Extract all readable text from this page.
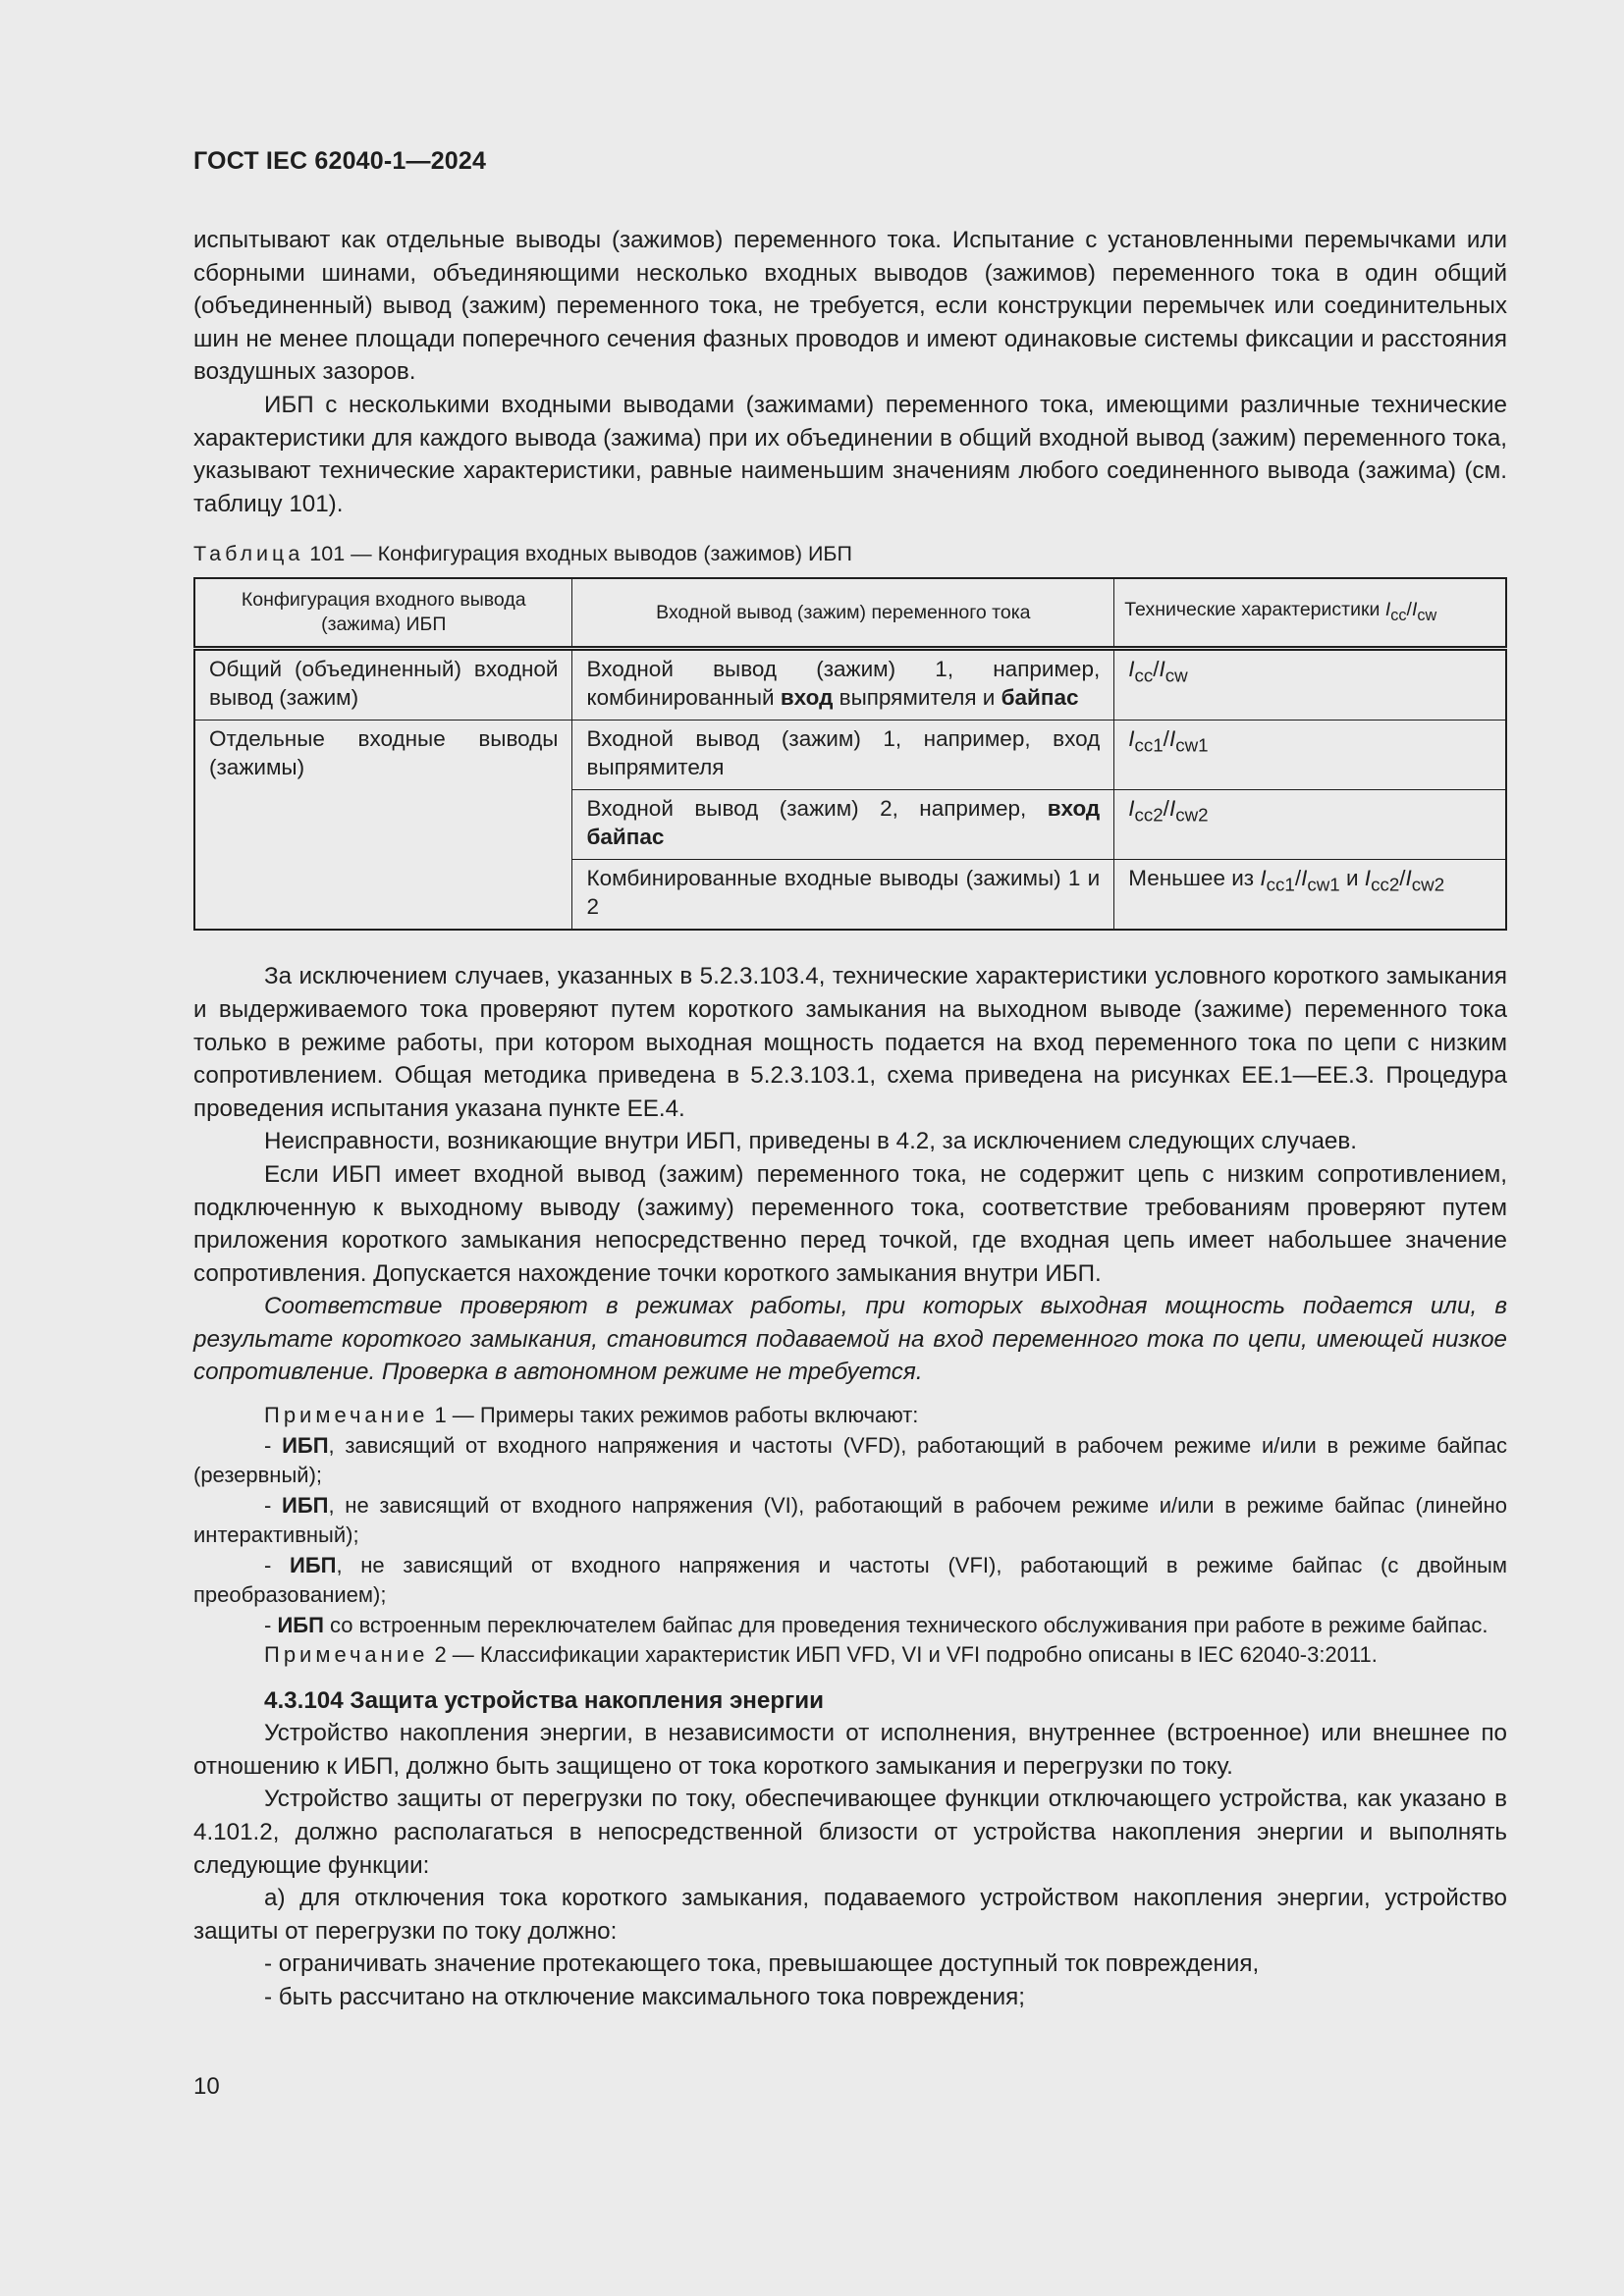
ГОСТ IEC 62040-1—2024

испытывают как отдельные выводы (зажимов) переменного тока. Испытание с установленными перемычками или сборными шинами, объединяющими несколько входных выводов (зажимов) переменного тока в один общий (объединенный) вывод (зажим) переменного тока, не требуется, если конструкции перемычек или соединительных шин не менее площади поперечного сечения фазных проводов и имеют одинаковые системы фиксации и расстояния воздушных зазоров.

ИБП с несколькими входными выводами (зажимами) переменного тока, имеющими различные технические характеристики для каждого вывода (зажима) при их объединении в общий входной вывод (зажим) переменного тока, указывают технические характеристики, равные наименьшим значениям любого соединенного вывода (зажима) (см. таблицу 101).

Таблица 101 — Конфигурация входных выводов (зажимов) ИБП
Конфигурация входного вывода (зажима) ИБП	Входной вывод (зажим) переменного тока	Технические характеристики $I_{cc}/I_{cw}$
Общий (объединенный) входной вывод (зажим)	Входной вывод (зажим) 1, например, комбинированный вход выпрямителя и байпас	$I_{cc}/I_{cw}$
Отдельные входные выводы (зажимы)	Входной вывод (зажим) 1, например, вход выпрямителя	$I_{cc1}/I_{cw1}$
	Входной вывод (зажим) 2, например, вход байпас	$I_{cc2}/I_{cw2}$
	Комбинированные входные выводы (зажимы) 1 и 2	Меньшее из $I_{cc1}/I_{cw1}$ и $I_{cc2}/I_{cw2}$

За исключением случаев, указанных в 5.2.3.103.4, технические характеристики условного короткого замыкания и выдерживаемого тока проверяют путем короткого замыкания на выходном выводе (зажиме) переменного тока только в режиме работы, при котором выходная мощность подается на вход переменного тока по цепи с низким сопротивлением. Общая методика приведена в 5.2.3.103.1, схема приведена на рисунках ЕЕ.1—ЕЕ.3. Процедура проведения испытания указана пункте ЕЕ.4.

Неисправности, возникающие внутри ИБП, приведены в 4.2, за исключением следующих случаев.

Если ИБП имеет входной вывод (зажим) переменного тока, не содержит цепь с низким сопротивлением, подключенную к выходному выводу (зажиму) переменного тока, соответствие требованиям проверяют путем приложения короткого замыкания непосредственно перед точкой, где входная цепь имеет набольшее значение сопротивления. Допускается нахождение точки короткого замыкания внутри ИБП.

Соответствие проверяют в режимах работы, при которых выходная мощность подается или, в результате короткого замыкания, становится подаваемой на вход переменного тока по цепи, имеющей низкое сопротивление. Проверка в автономном режиме не требуется.

Примечание 1 — Примеры таких режимов работы включают:

- ИБП, зависящий от входного напряжения и частоты (VFD), работающий в рабочем режиме и/или в режиме байпас (резервный);

- ИБП, не зависящий от входного напряжения (VI), работающий в рабочем режиме и/или в режиме байпас (линейно интерактивный);

- ИБП, не зависящий от входного напряжения и частоты (VFI), работающий в режиме байпас (с двойным преобразованием);

- ИБП со встроенным переключателем байпас для проведения технического обслуживания при работе в режиме байпас.

Примечание 2 — Классификации характеристик ИБП VFD, VI и VFI подробно описаны в IEC 62040-3:2011.

4.3.104 Защита устройства накопления энергии

Устройство накопления энергии, в независимости от исполнения, внутреннее (встроенное) или внешнее по отношению к ИБП, должно быть защищено от тока короткого замыкания и перегрузки по току.

Устройство защиты от перегрузки по току, обеспечивающее функции отключающего устройства, как указано в 4.101.2, должно располагаться в непосредственной близости от устройства накопления энергии и выполнять следующие функции:

а) для отключения тока короткого замыкания, подаваемого устройством накопления энергии, устройство защиты от перегрузки по току должно:

- ограничивать значение протекающего тока, превышающее доступный ток повреждения,

- быть рассчитано на отключение максимального тока повреждения;

10
